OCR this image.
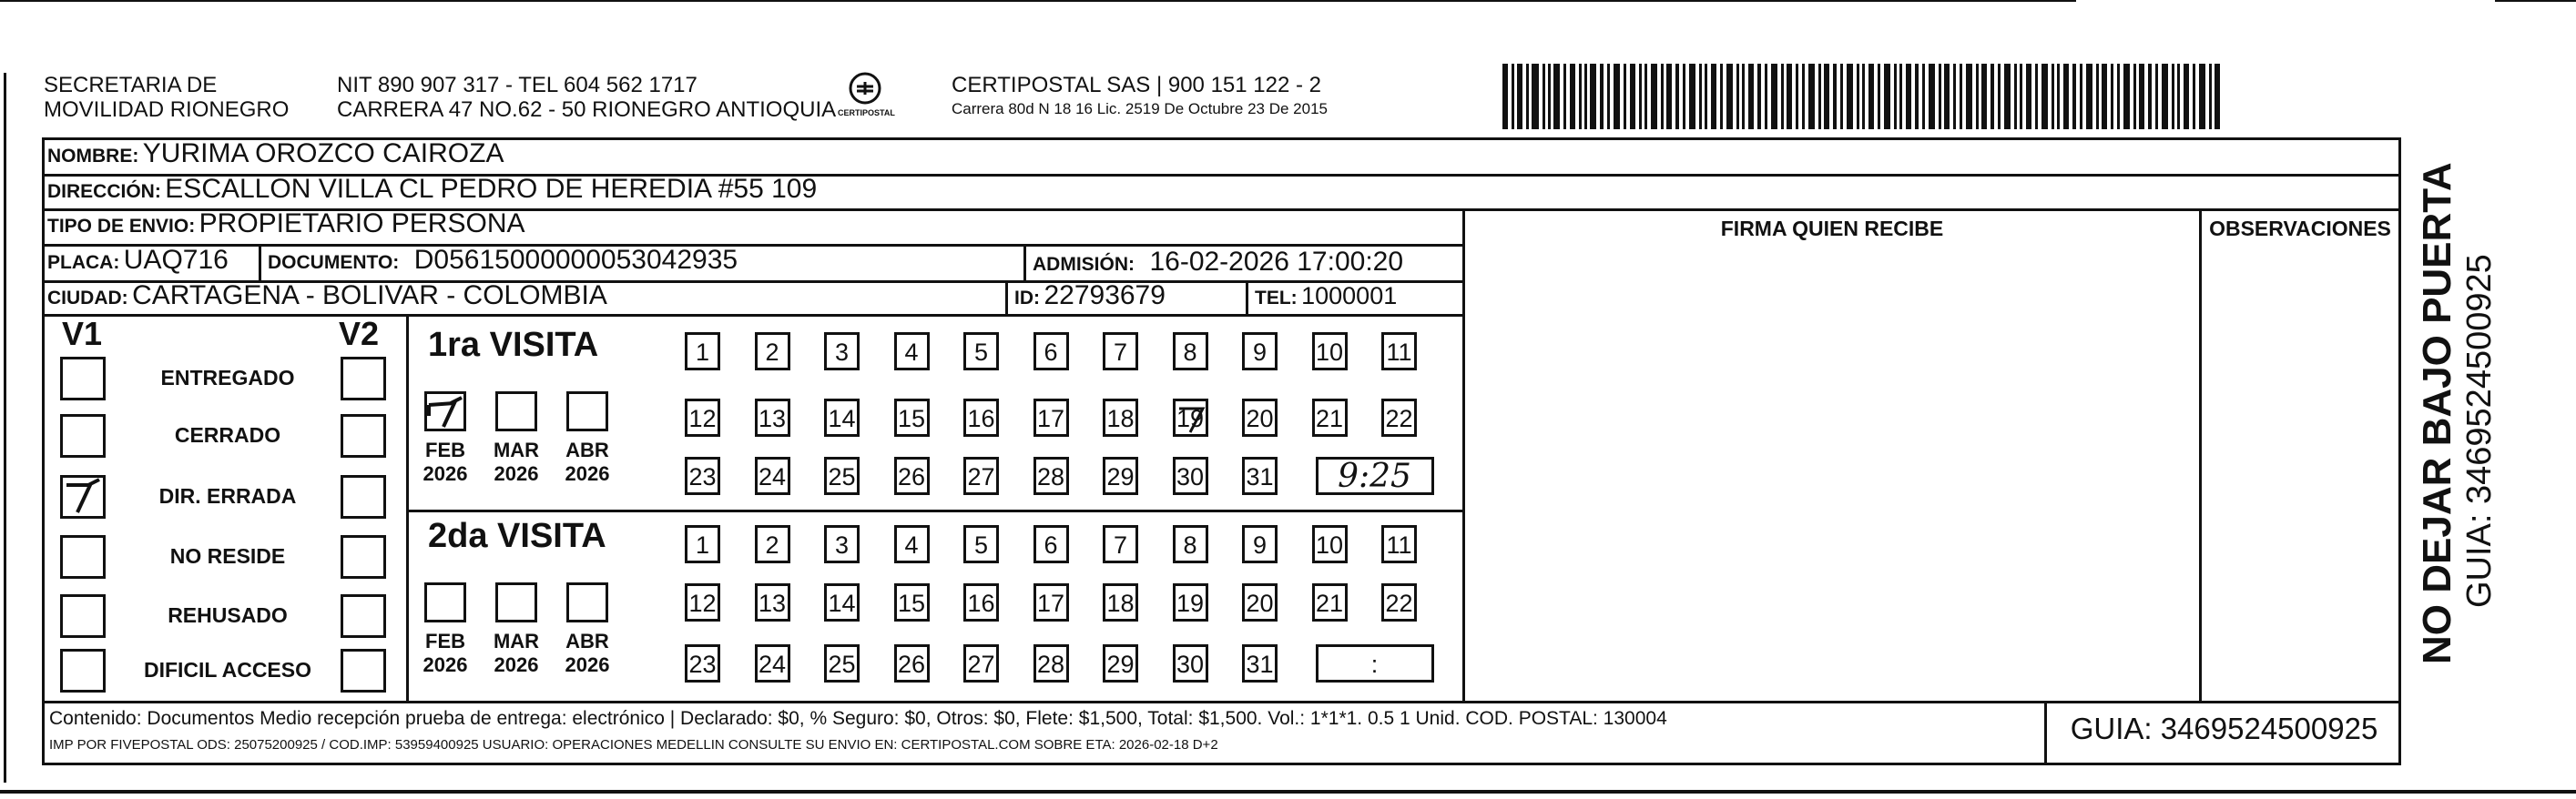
SECRETARIA DE
MOVILIDAD RIONEGRO
NIT 890 907 317 - TEL 604 562 1717
CARRERA 47 NO.62 - 50 RIONEGRO ANTIOQUIA CERTIPOSTAL
CERTIPOSTAL SAS | 900 151 122 - 2
Carrera 80d N 18 16 Lic. 2519 De Octubre 23 De 2015
FIRMA QUIEN RECIBE	OBSERVACIONES
NOMBRE: YURIMA OROZCO CAIROZA
DIRECCIÓN: ESCALLON VILLA CL PEDRO DE HEREDIA #55 109
TIPO DE ENVIO: PROPIETARIO PERSONA
PLACA: UAQ716 DOCUMENTO: D05615000000053042935	ADMISIÓN: 16-02-2026 17:00:20
CIUDAD: CARTAGENA - BOLIVAR - COLOMBIA	ID: 22793679	TEL: 1000001
V1	V2
ENTREGADO
CERRADO
DIR. ERRADA
NO RESIDE
REHUSADO
DIFICIL ACCESO
1ra VISITA
2da VISITA
FEB
2026
MAR
2026
ABR
2026
FEB
2026
MAR
2026
ABR
2026
1	2	3	4	5	6	7	8	9	10 11
12 13 14 15 16 17 18 19 20 21 22
23 24 25 26 27 28 29 30 31	9:25
1	2	3	4	5	6	7	8	9	10 11
12 13 14 15 16 17 18 19 20 21 22
23 24 25 26 27 28 29 30 31	:
Contenido: Documentos Medio recepción prueba de entrega: electrónico | Declarado: $0, % Seguro: $0, Otros: $0, Flete: $1,500, Total: $1,500. Vol.: 1*1*1. 0.5 1 Unid. COD. POSTAL: 130004
IMP POR FIVEPOSTAL ODS: 25075200925 / COD.IMP: 53959400925 USUARIO: OPERACIONES MEDELLIN CONSULTE SU ENVIO EN: CERTIPOSTAL.COM SOBRE ETA: 2026-02-18 D+2	GUIA: 3469524500925
NO DEJAR BAJO PUERTA GUIA: 3469524500925
